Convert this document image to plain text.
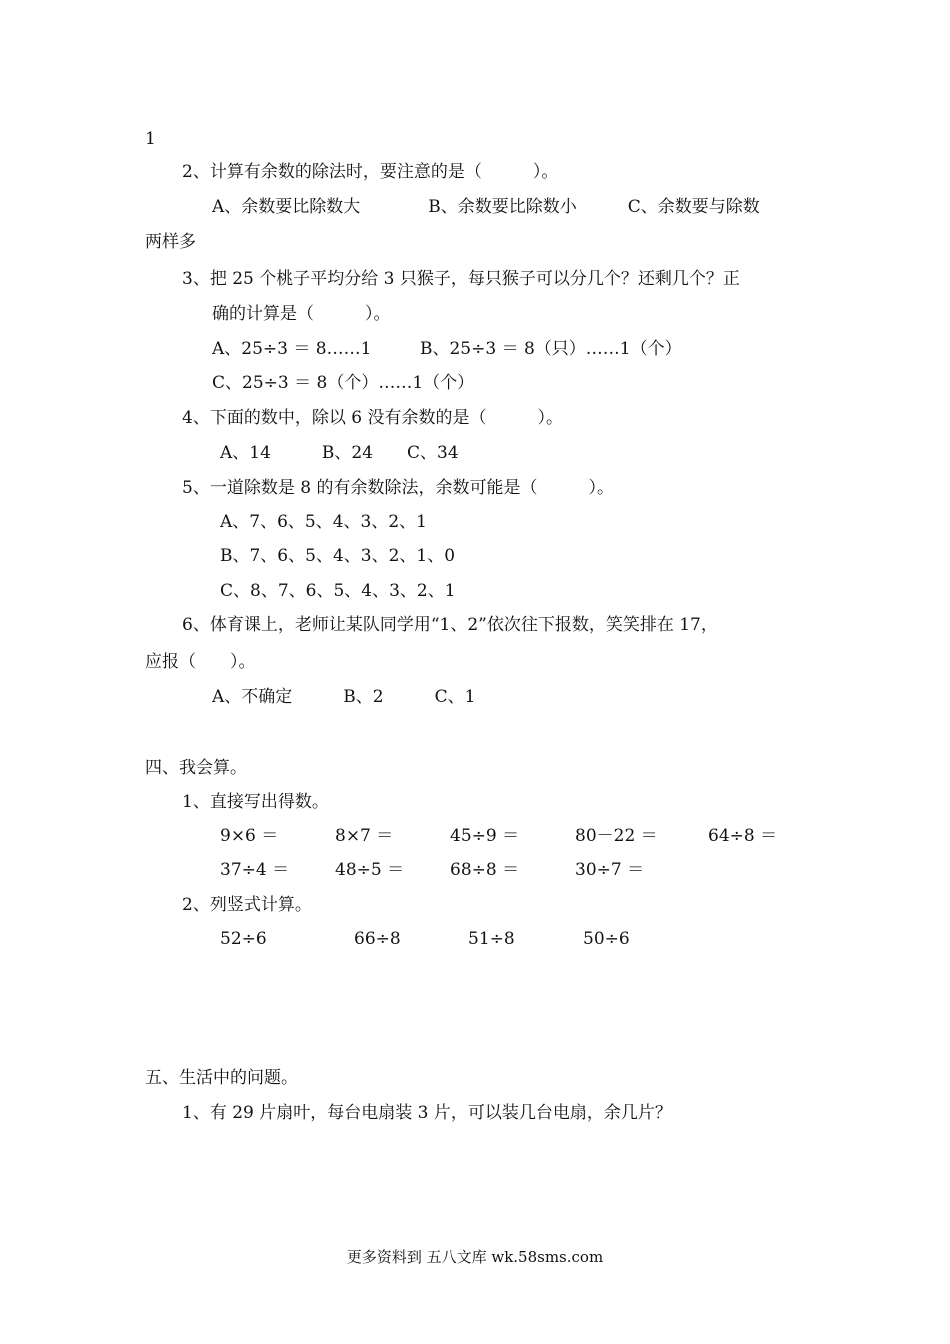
1
2、计算有余数的除法时，要注意的是（　　　）。
A、余数要比除数大　　　　B、余数要比除数小　　　C、余数要与除数
两样多
3、把 25 个桃子平均分给 3 只猴子，每只猴子可以分几个？还剩几个？正
确的计算是（　　　）。
A、25÷3 ＝ 8……1	B、25÷3 ＝ 8（只）……1（个）
C、25÷3 ＝ 8（个）……1（个）
4、下面的数中，除以 6 没有余数的是（　　　）。
A、14　　　B、24　　C、34
5、一道除数是 8 的有余数除法，余数可能是（　　　）。
A、7、6、5、4、3、2、1
B、7、6、5、4、3、2、1、0
C、8、7、6、5、4、3、2、1
6、体育课上，老师让某队同学用“1、2”依次往下报数，笑笑排在 17，
应报（　　）。
A、不确定　　　B、2　　　C、1
四、我会算。
1、直接写出得数。
9×6 ＝	8×7 ＝	45÷9 ＝	80－22 ＝	64÷8 ＝
37÷4 ＝	48÷5 ＝	68÷8 ＝	30÷7 ＝
2、列竖式计算。
52÷6	66÷8	51÷8	50÷6
五、生活中的问题。
1、有 29 片扇叶，每台电扇装 3 片，可以装几台电扇，余几片？
更多资料到 五八文库 wk.58sms.com
